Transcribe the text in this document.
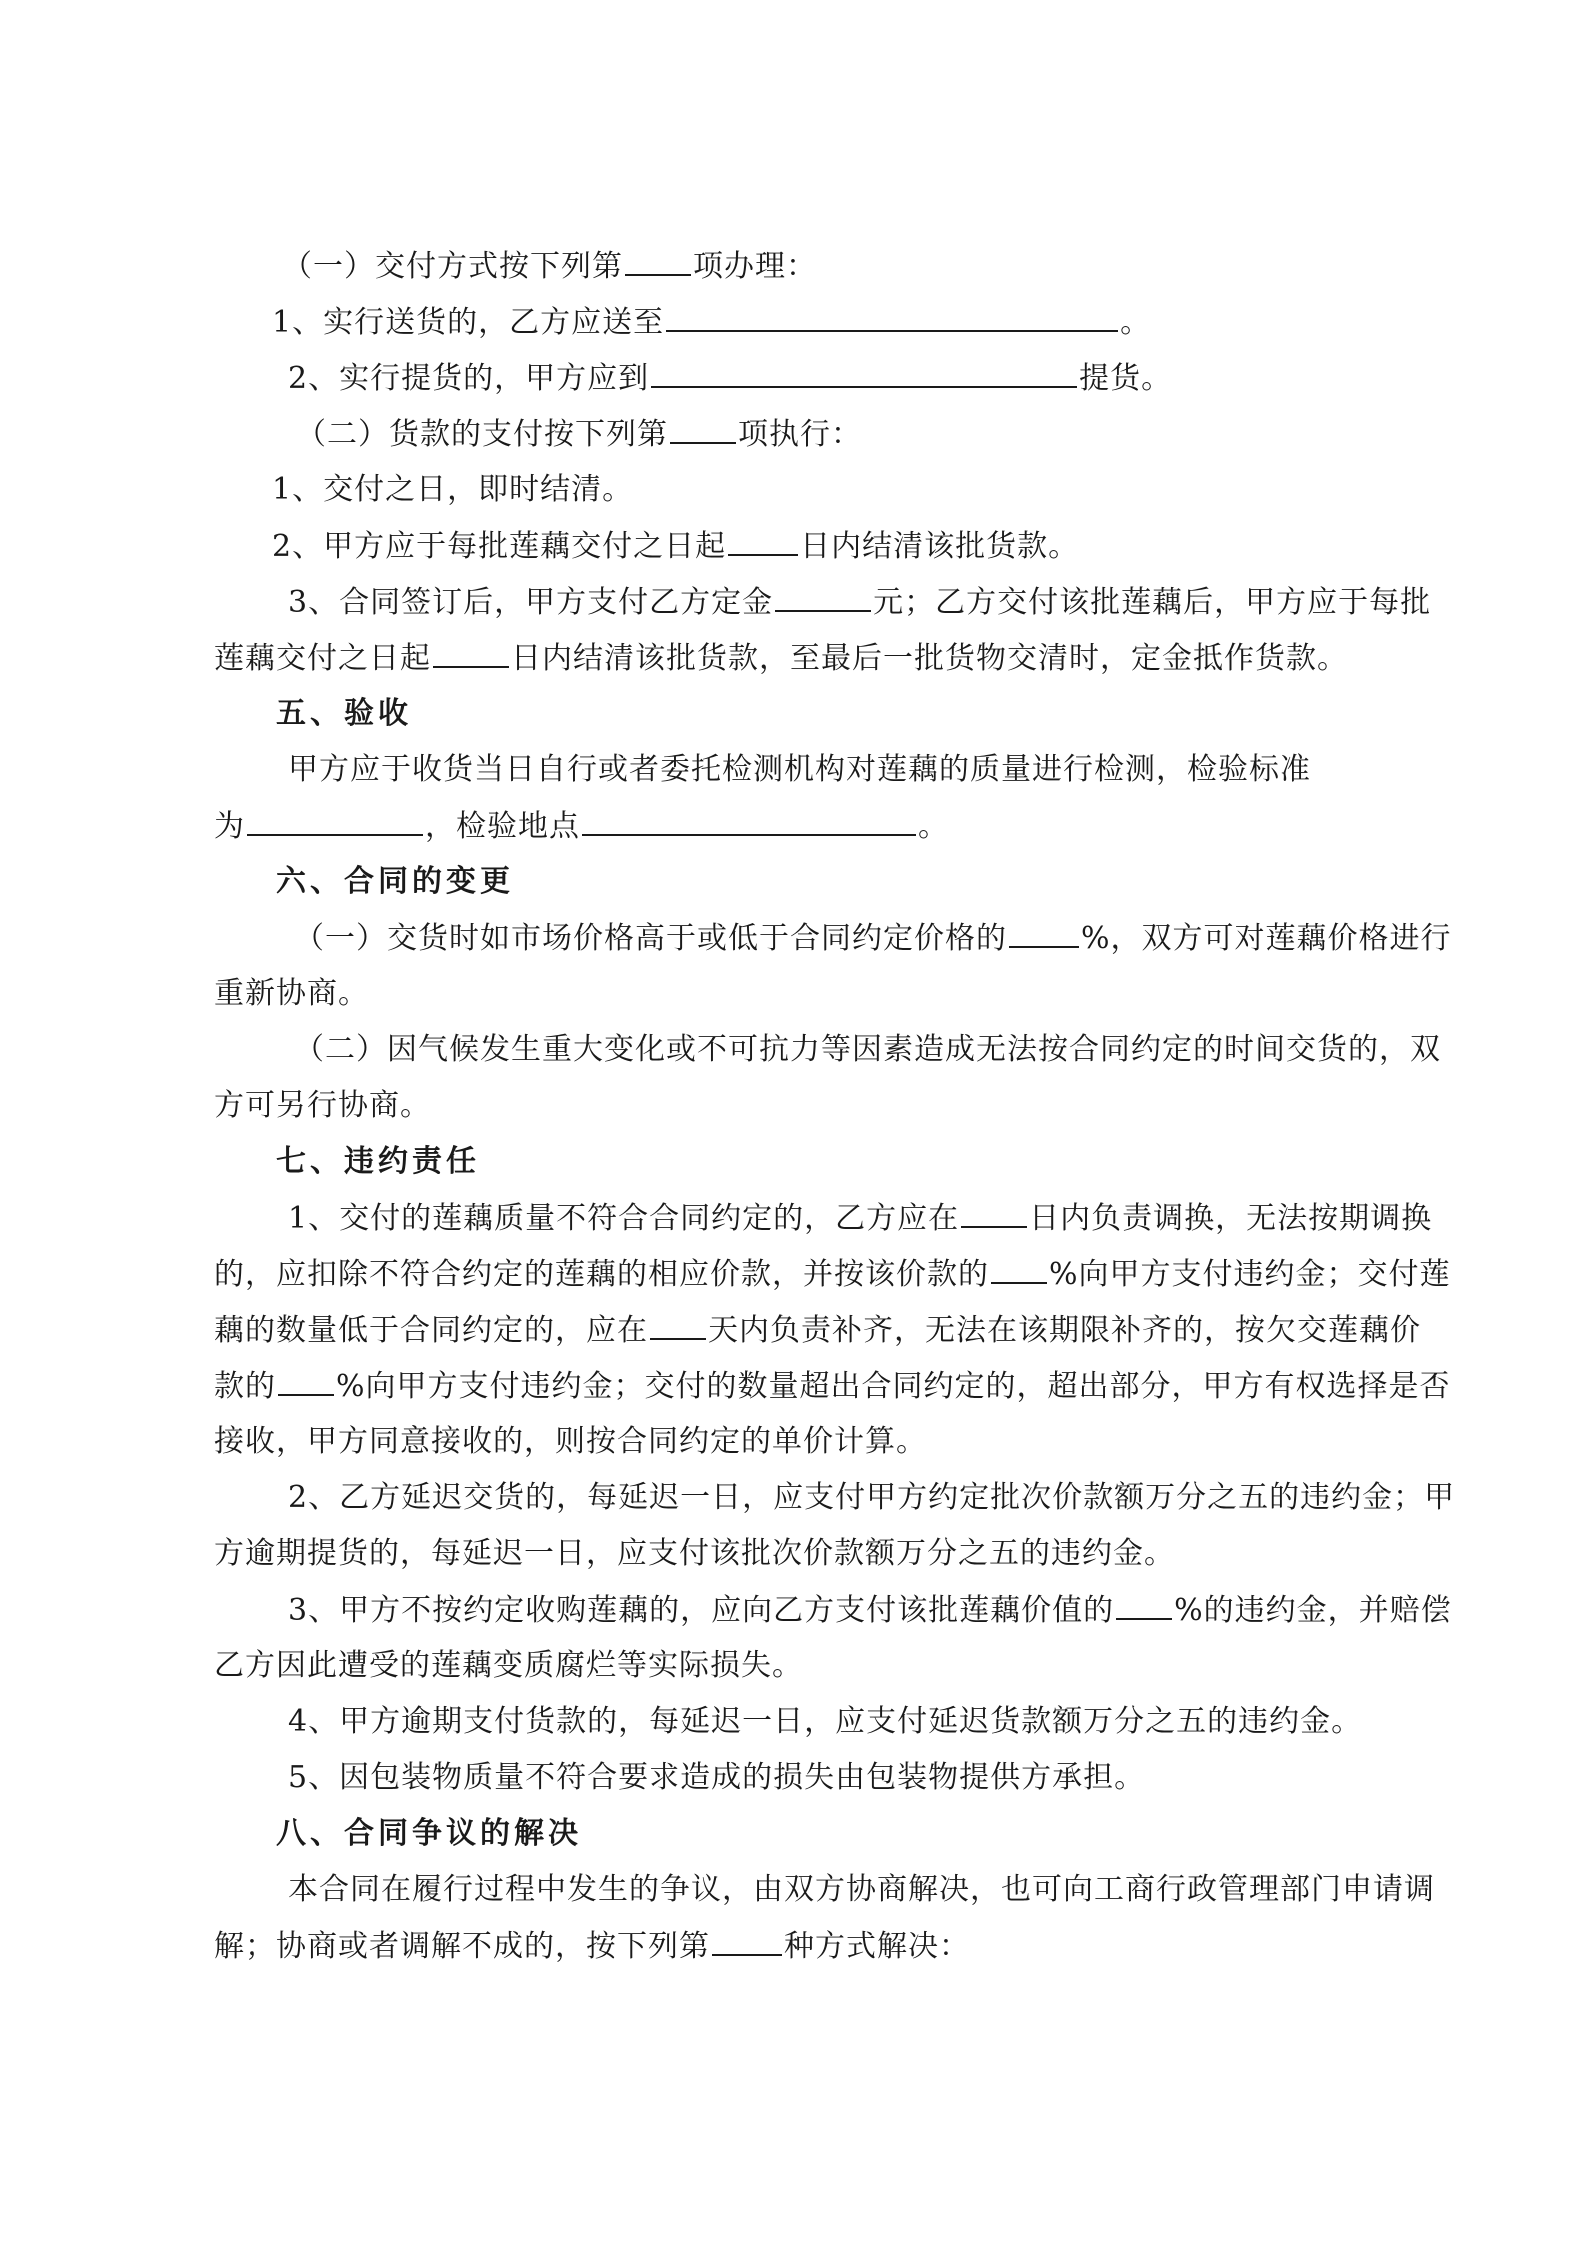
（一）交付方式按下列第 项办理：
1、实行送货的，乙方应送至	。
2、实行提货的，甲方应到	提货。
（二）货款的支付按下列第 项执行：
1、交付之日，即时结清。
2、甲方应于每批莲藕交付之日起 日内结清该批货款。
3、合同签订后，甲方支付乙方定金	元；乙方交付该批莲藕后，甲方应于每批
莲藕交付之日起	日内结清该批货款，至最后一批货物交清时，定金抵作货款。
五、验收
甲方应于收货当日自行或者委托检测机构对莲藕的质量进行检测，检验标准
为	，检验地点	。
六、合同的变更
（一）交货时如市场价格高于或低于合同约定价格的 %，双方可对莲藕价格进行
重新协商。
（二）因气候发生重大变化或不可抗力等因素造成无法按合同约定的时间交货的，双
方可另行协商。
七、违约责任
1、交付的莲藕质量不符合合同约定的，乙方应在 日内负责调换，无法按期调换
的，应扣除不符合约定的莲藕的相应价款，并按该价款的 %向甲方支付违约金；交付莲
藕的数量低于合同约定的，应在 天内负责补齐，无法在该期限补齐的，按欠交莲藕价
款的 %向甲方支付违约金；交付的数量超出合同约定的，超出部分，甲方有权选择是否
接收，甲方同意接收的，则按合同约定的单价计算。
2、乙方延迟交货的，每延迟一日，应支付甲方约定批次价款额万分之五的违约金；甲
方逾期提货的，每延迟一日，应支付该批次价款额万分之五的违约金。
3、甲方不按约定收购莲藕的，应向乙方支付该批莲藕价值的 %的违约金，并赔偿
乙方因此遭受的莲藕变质腐烂等实际损失。
4、甲方逾期支付货款的，每延迟一日，应支付延迟货款额万分之五的违约金。
5、因包装物质量不符合要求造成的损失由包装物提供方承担。
八、合同争议的解决
本合同在履行过程中发生的争议，由双方协商解决，也可向工商行政管理部门申请调
解；协商或者调解不成的，按下列第 种方式解决：
